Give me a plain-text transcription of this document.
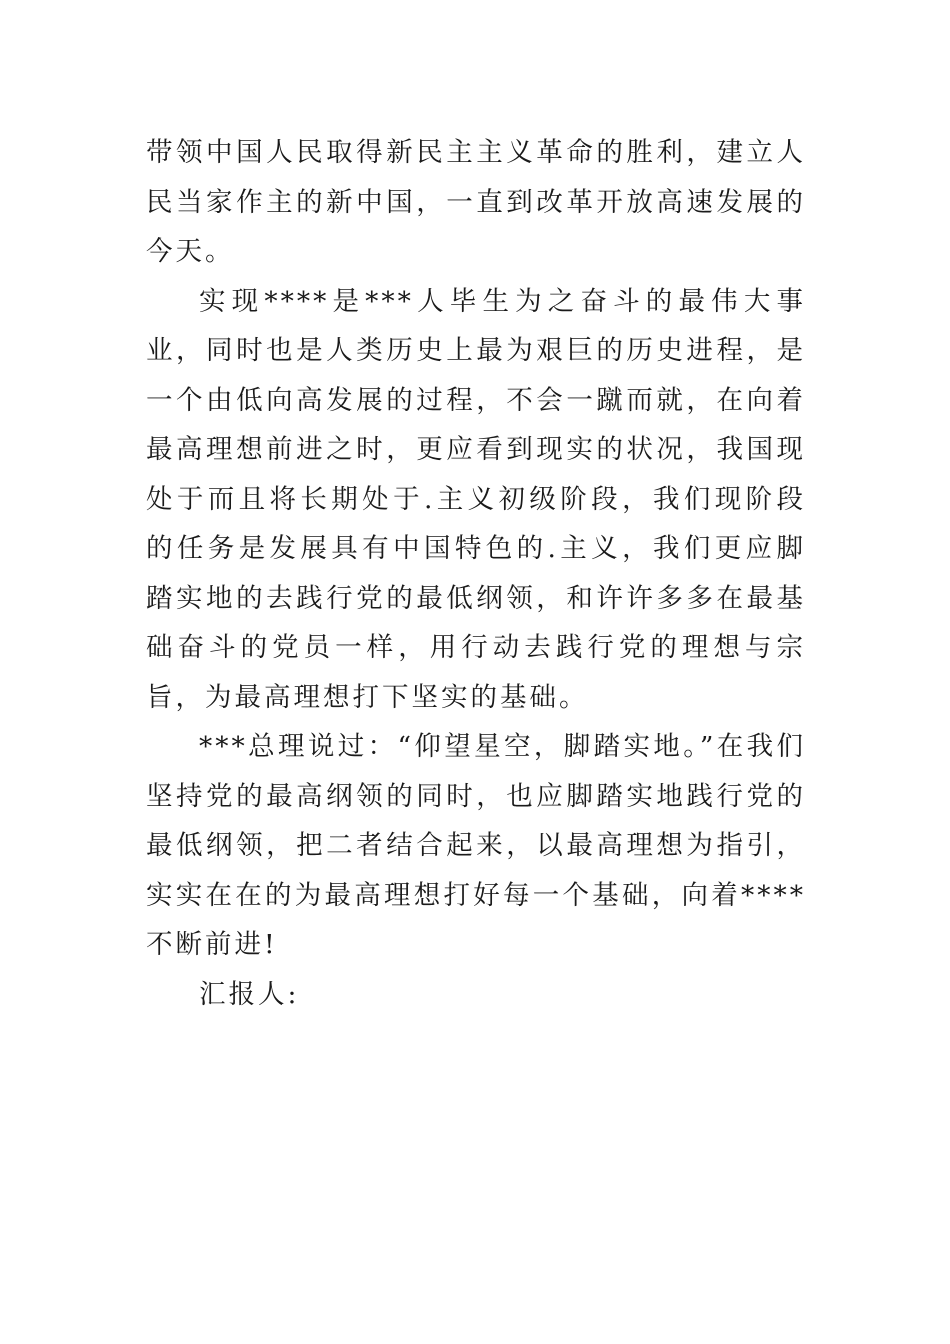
带领中国人民取得新民主主义革命的胜利，建立人民当家作主的新中国，一直到改革开放高速发展的今天。

实现****是***人毕生为之奋斗的最伟大事业，同时也是人类历史上最为艰巨的历史进程，是一个由低向高发展的过程，不会一蹴而就，在向着最高理想前进之时，更应看到现实的状况，我国现处于而且将长期处于.主义初级阶段，我们现阶段的任务是发展具有中国特色的.主义，我们更应脚踏实地的去践行党的最低纲领，和许许多多在最基础奋斗的党员一样，用行动去践行党的理想与宗旨，为最高理想打下坚实的基础。

***总理说过：“仰望星空，脚踏实地。”在我们坚持党的最高纲领的同时，也应脚踏实地践行党的最低纲领，把二者结合起来，以最高理想为指引，实实在在的为最高理想打好每一个基础，向着****不断前进!

汇报人:
